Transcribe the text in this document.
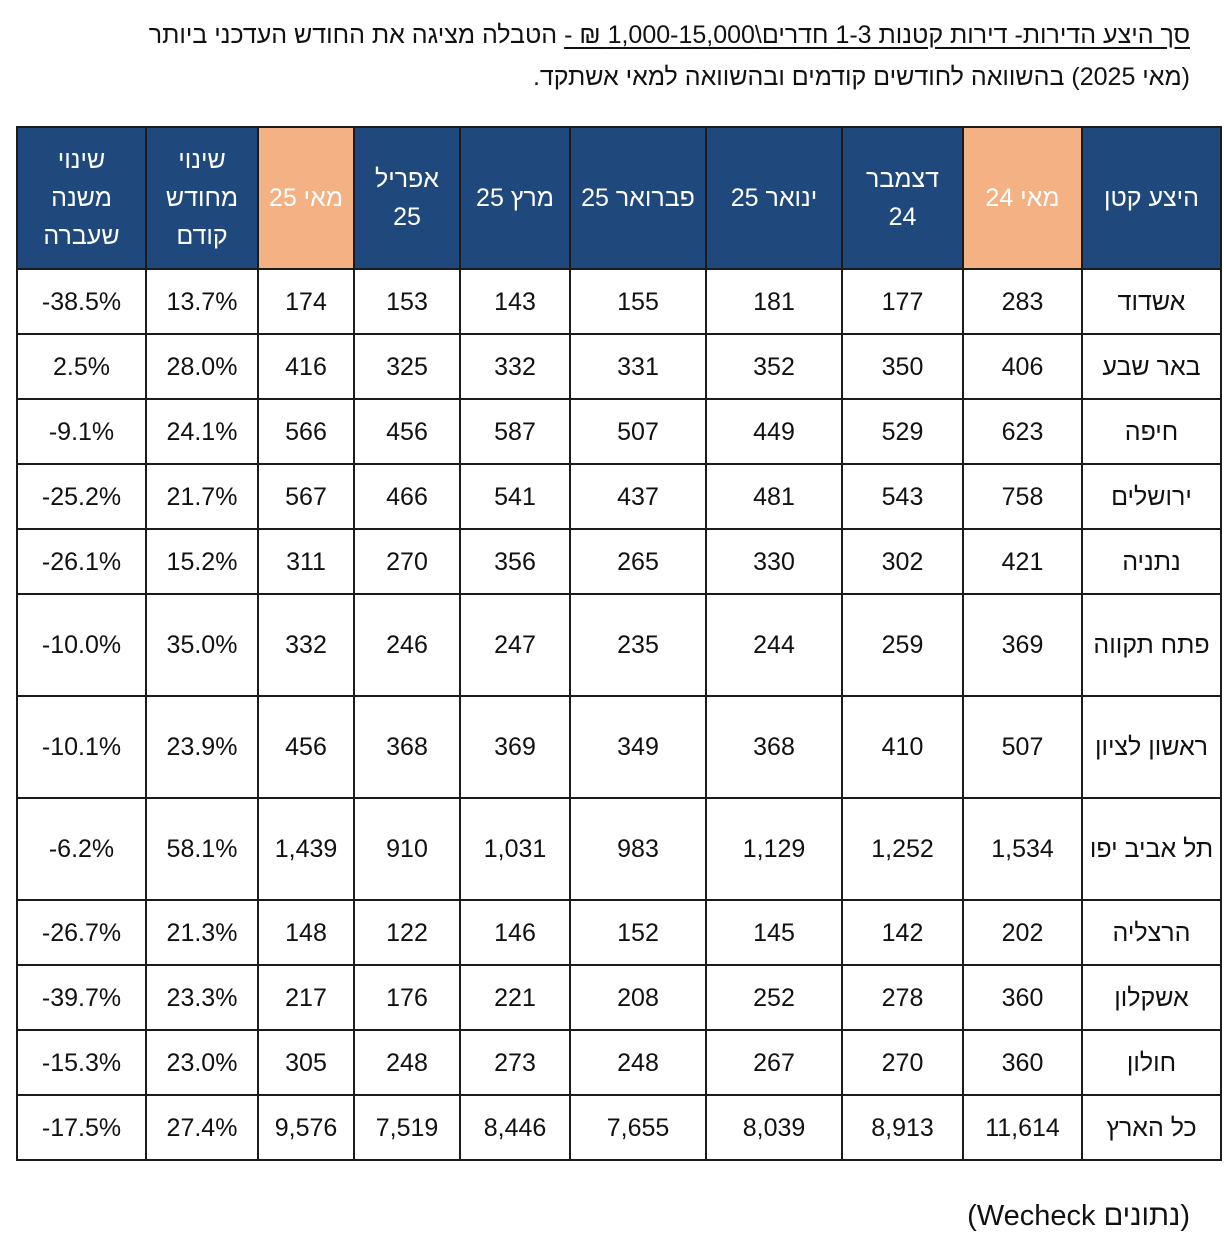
סך היצע הדירות- דירות קטנות 1-3 חדרים\1,000-15,000 ₪ - הטבלה מציגה את החודש העדכני ביותר
(מאי 2025) בהשוואה לחודשים קודמים ובהשוואה למאי אשתקד.
היצע קטן	מאי 24	דצמבר 24	ינואר 25	פברואר 25	מרץ 25	אפריל 25	מאי 25	שינוי מחודש קודם	שינוי משנה שעברה
אשדוד	283	177	181	155	143	153	174	13.7%	38.5%-
באר שבע	406	350	352	331	332	325	416	28.0%	2.5%
חיפה	623	529	449	507	587	456	566	24.1%	9.1%-
ירושלים	758	543	481	437	541	466	567	21.7%	25.2%-
נתניה	421	302	330	265	356	270	311	15.2%	26.1%-
פתח תקווה	369	259	244	235	247	246	332	35.0%	10.0%-
ראשון לציון	507	410	368	349	369	368	456	23.9%	10.1%-
תל אביב יפו	1,534	1,252	1,129	983	1,031	910	1,439	58.1%	6.2%-
הרצליה	202	142	145	152	146	122	148	21.3%	26.7%-
אשקלון	360	278	252	208	221	176	217	23.3%	39.7%-
חולון	360	270	267	248	273	248	305	23.0%	15.3%-
כל הארץ	11,614	8,913	8,039	7,655	8,446	7,519	9,576	27.4%	17.5%-
(נתונים Wecheck)
